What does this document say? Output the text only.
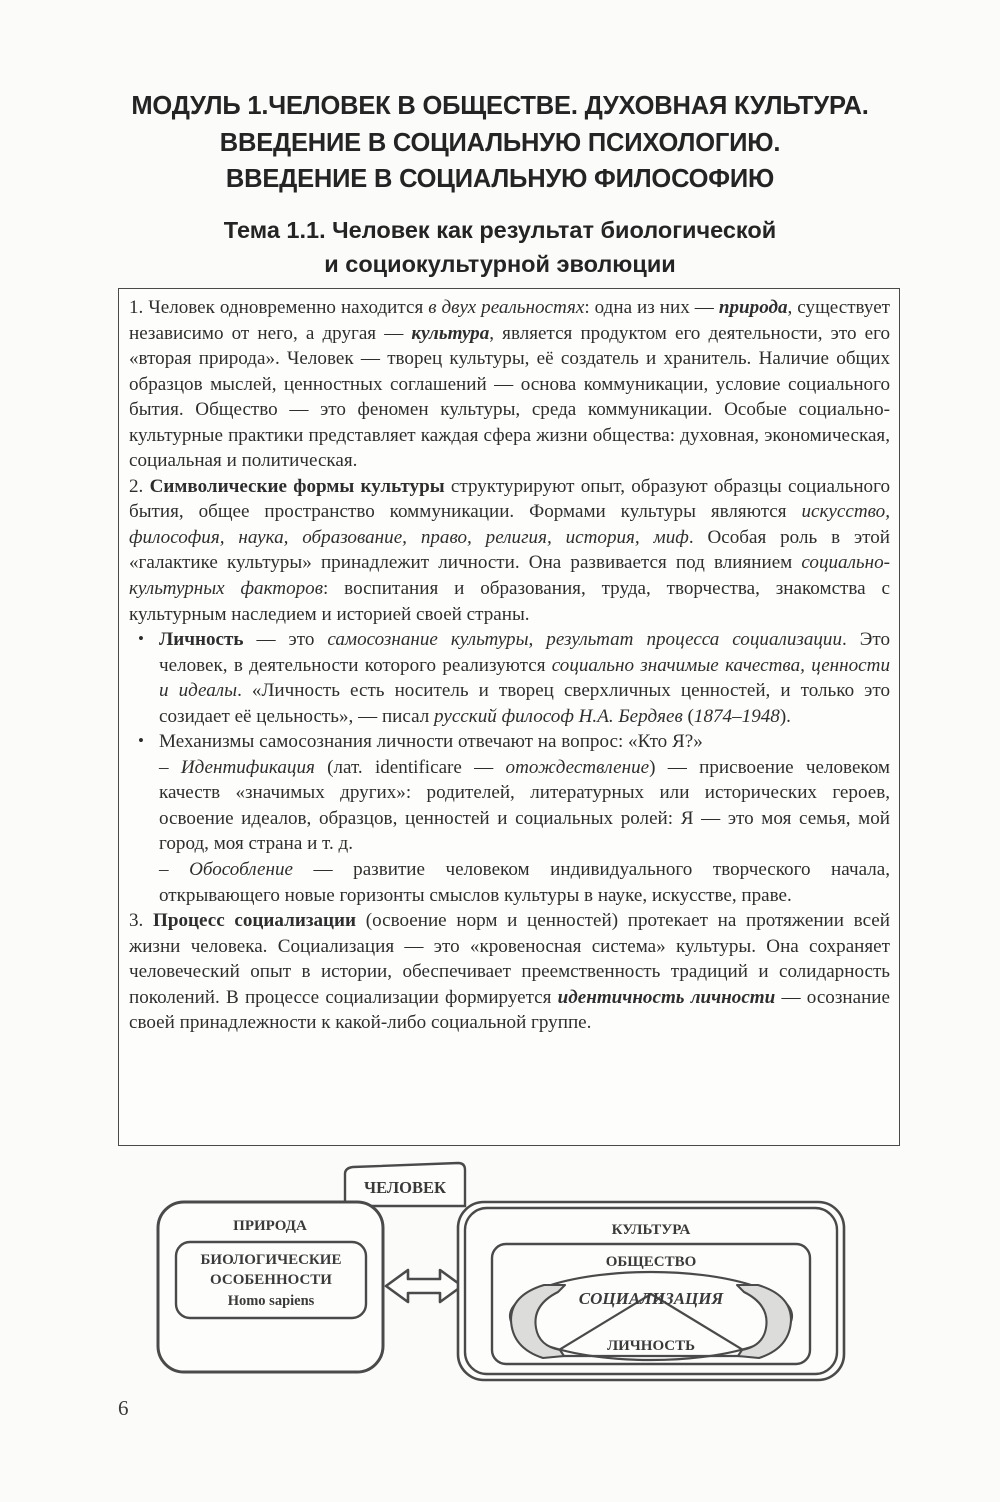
МОДУЛЬ 1.ЧЕЛОВЕК В ОБЩЕСТВЕ. ДУХОВНАЯ КУЛЬТУРА.
ВВЕДЕНИЕ В СОЦИАЛЬНУЮ ПСИХОЛОГИЮ.
ВВЕДЕНИЕ В СОЦИАЛЬНУЮ ФИЛОСОФИЮ
Тема 1.1. Человек как результат биологической
и социокультурной эволюции

1. Человек одновременно находится в двух реальностях: одна из них — природа, существует независимо от него, а другая — культура, является продуктом его деятельности, это его «вторая природа». Человек — творец культуры, её создатель и хранитель. Наличие общих образцов мыслей, ценностных соглашений — основа коммуникации, условие социального бытия. Общество — это феномен культуры, среда коммуникации. Особые социально-культурные практики представляет каждая сфера жизни общества: духовная, экономическая, социальная и политическая.

2. Символические формы культуры структурируют опыт, образуют образцы социального бытия, общее пространство коммуникации. Формами культуры являются искусство, философия, наука, образование, право, религия, история, миф. Особая роль в этой «галактике культуры» принадлежит личности. Она развивается под влиянием социально-культурных факторов: воспитания и образования, труда, творчества, знакомства с культурным наследием и историей своей страны.

• Личность — это самосознание культуры, результат процесса социализации. Это человек, в деятельности которого реализуются социально значимые качества, ценности и идеалы. «Личность есть носитель и творец сверхличных ценностей, и только это созидает её цельность», — писал русский философ Н.А. Бердяев (1874–1948).
• Механизмы самосознания личности отвечают на вопрос: «Кто Я?»
– Идентификация (лат. identificare — отождествление) — присвоение человеком качеств «значимых других»: родителей, литературных или исторических героев, освоение идеалов, образцов, ценностей и социальных ролей: Я — это моя семья, мой город, моя страна и т. д.
– Обособление — развитие человеком индивидуального творческого начала, открывающего новые горизонты смыслов культуры в науке, искусстве, праве.

3. Процесс социализации (освоение норм и ценностей) протекает на протяжении всей жизни человека. Социализация — это «кровеносная система» культуры. Она сохраняет человеческий опыт в истории, обеспечивает преемственность традиций и солидарность поколений. В процессе социализации формируется идентичность личности — осознание своей принадлежности к какой-либо социальной группе.

ЧЕЛОВЕК
ПРИРОДА
БИОЛОГИЧЕСКИЕ
ОСОБЕННОСТИ
Homo sapiens
КУЛЬТУРА
ОБЩЕСТВО
СОЦИАЛИЗАЦИЯ
ЛИЧНОСТЬ
6
